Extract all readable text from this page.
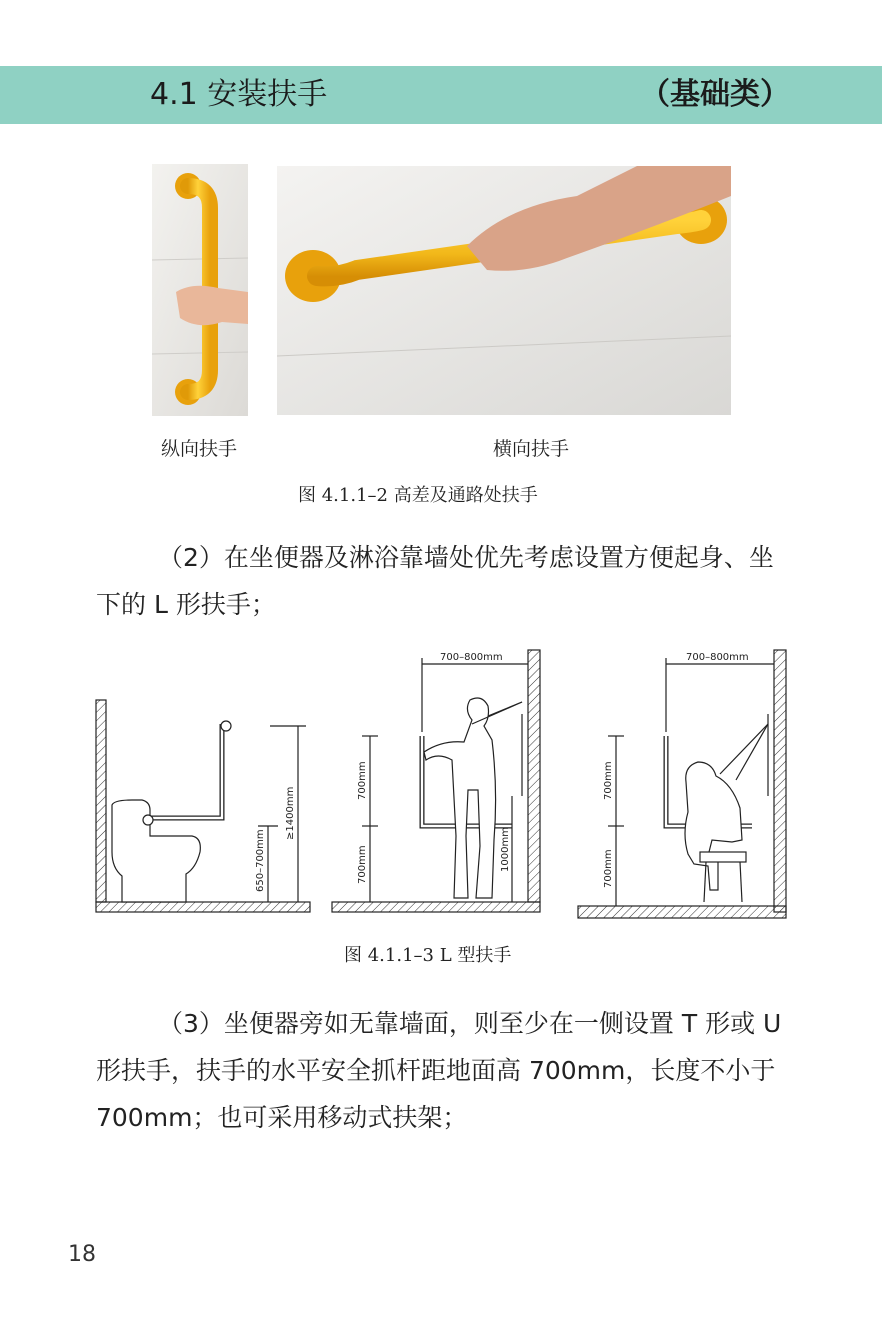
4.1 安装扶手	（基础类）
纵向扶手	横向扶手
图 4.1.1–2 高差及通路处扶手
（2）在坐便器及淋浴靠墙处优先考虑设置方便起身、坐下的 L 形扶手；
650–700mm
≥1400mm
700–800mm
700mm
700mm	1000mm
700–800mm
700mm
700mm
图 4.1.1–3 L 型扶手
（3）坐便器旁如无靠墙面，则至少在一侧设置 T 形或 U 形扶手，扶手的水平安全抓杆距地面高 700mm，长度不小于 700mm；也可采用移动式扶架；
18
